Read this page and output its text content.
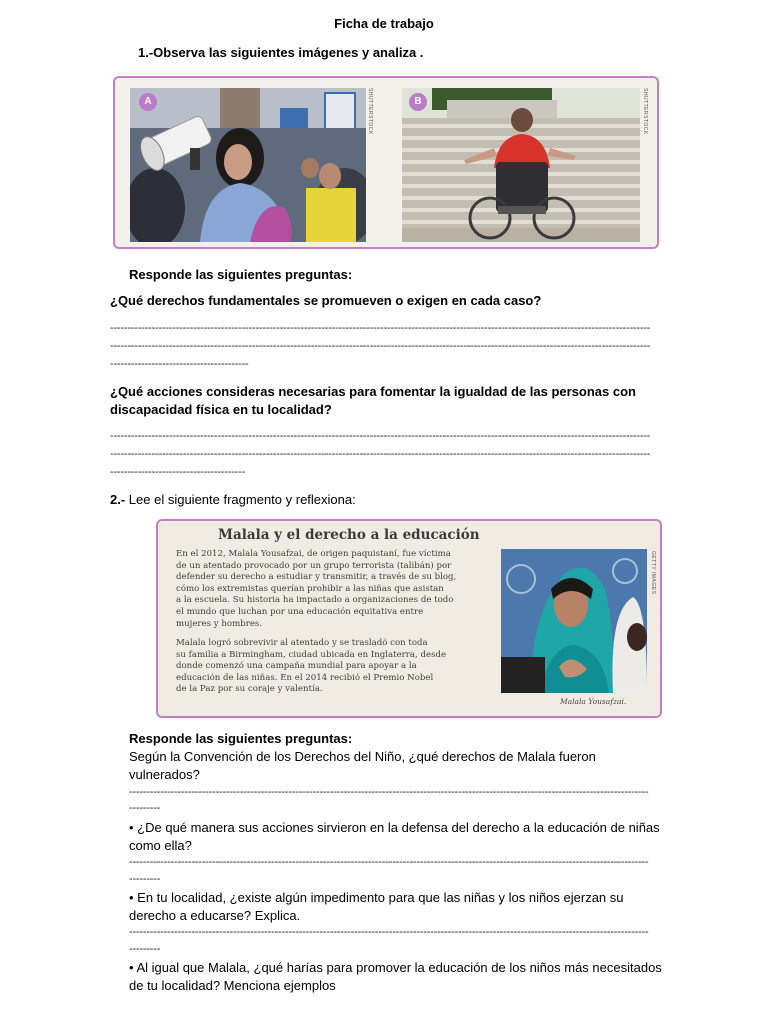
Ficha de trabajo
1.-Observa las siguientes imágenes y analiza .
A	SHUTTERSTOCK	B	SHUTTERSTOCK
Responde las siguientes preguntas:
¿Qué derechos fundamentales se promueven o exigen en cada caso?
------------------------------------------------------------------------------------------------------------------------------------------------------------
------------------------------------------------------------------------------------------------------------------------------------------------------------
----------------------------------------
¿Qué acciones consideras necesarias para fomentar la igualdad de las personas con
discapacidad física en tu localidad?
------------------------------------------------------------------------------------------------------------------------------------------------------------
------------------------------------------------------------------------------------------------------------------------------------------------------------
---------------------------------------
2.- Lee el siguiente fragmento y reflexiona:
Malala y el derecho a la educación
En el 2012, Malala Yousafzai, de origen paquistaní, fue víctima
de un atentado provocado por un grupo terrorista (talibán) por
defender su derecho a estudiar y transmitir, a través de su blog,
cómo los extremistas querían prohibir a las niñas que asistan
a la escuela. Su historia ha impactado a organizaciones de todo
el mundo que luchan por una educación equitativa entre
mujeres y hombres.
Malala logró sobrevivir al atentado y se trasladó con toda
su familia a Birmingham, ciudad ubicada en Inglaterra, desde
donde comenzó una campaña mundial para apoyar a la
educación de las niñas. En el 2014 recibió el Premio Nobel
de la Paz por su coraje y valentía.
GETTY IMAGES
Malala Yousafzai.
Responde las siguientes preguntas:
Según la Convención de los Derechos del Niño, ¿qué derechos de Malala fueron
vulnerados?
------------------------------------------------------------------------------------------------------------------------------------------------------
---------
• ¿De qué manera sus acciones sirvieron en la defensa del derecho a la educación de niñas
como ella?
------------------------------------------------------------------------------------------------------------------------------------------------------
---------
• En tu localidad, ¿existe algún impedimento para que las niñas y los niños ejerzan su
derecho a educarse? Explica.
------------------------------------------------------------------------------------------------------------------------------------------------------
---------
• Al igual que Malala, ¿qué harías para promover la educación de los niños más necesitados
de tu localidad? Menciona ejemplos
